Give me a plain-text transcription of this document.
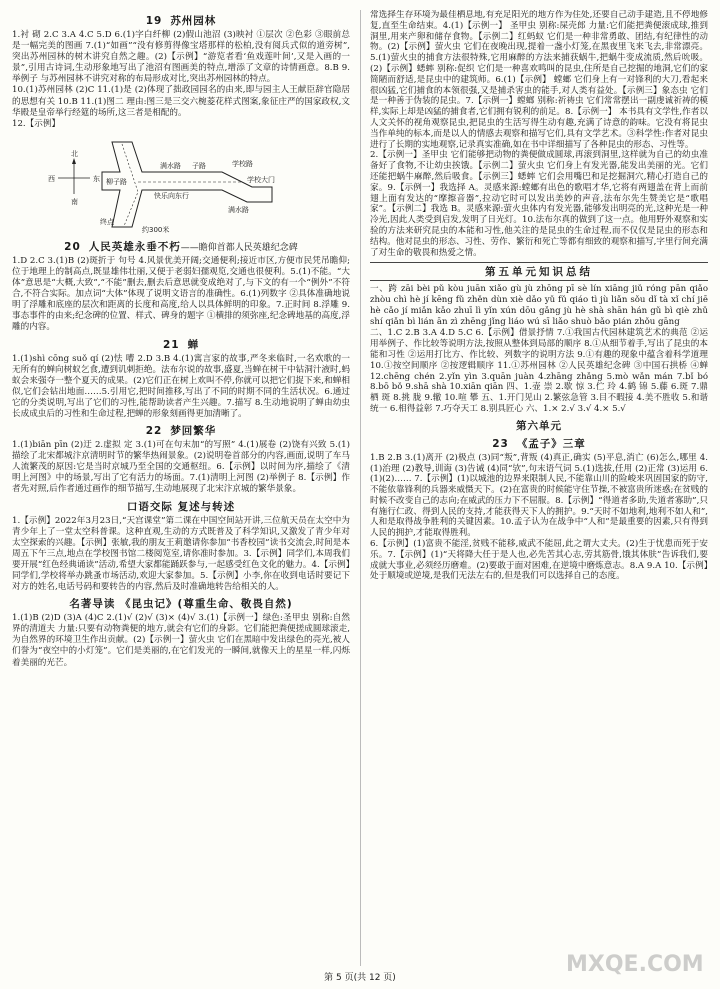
19 苏州园林

1.衬 砌 2.C 3.A 4.C 5.D 6.(1)字白纤柳 (2)假山池沼 (3)映衬 ①层次 ②色彩 ③眼前总是一幅完美的图画 7.(1)“如画”“没有修剪得像宝塔那样的松柏,没有阅兵式似的道旁树”,突出苏州园林的树木讲究自然之趣。(2)【示例】“游览者看‘鱼戏莲叶间’,又是入画的一景”,引用古诗词,生动形象地写出了池沼有图画美的特点,增添了文章的诗情画意。8.B 9.举例子 与苏州园林不讲究对称的布局形成对比,突出苏州园林的特点。

10.(1)苏州园林 (2)C 11.(1)是 (2)体现了拙政园园名的由来,即与园主人王献臣辞官隐居的思想有关 10.B 11.(1)图二 理由:图三是三交六椀菱花样式图案,象征庄严的国家政权,文华殿是皇帝举行经筵的场所,这三者是相配的。

12.【示例】

北
西	东
南
柳子路
满水路 子路
快乐向东行
终点
学校大门
满水路
约300米
学校路
20 人民英雄永垂不朽——瞻仰首都人民英雄纪念碑

1.D 2.C 3.(1)B (2)斑折于 句号 4.风景优美开阔;交通便利;接近市区,方便市民凭吊瞻仰;位于地理上的制高点,既显雄伟壮丽,又便于老弱妇孺观览,交通也很便利。5.(1)不能。“大体”意思是“大概,大致”,“不能”删去,删去后意思就变成绝对了,与下文的有一个“例外”不符合,不符合实际。加点词“大体”体现了说明文语言的准确性。6.(1)列数字 ②具体准确地说明了浮雕和底座的层次和距离的长度和高度,给人以具体鲜明的印象。7.正时间 8.浮雕 9.事态事件的由来;纪念碑的位置、样式、碑身的题字 ①横排的须弥座,纪念碑地基的高度,浮雕的内容。

21 蝉

1.(1)shì cōng suǒ qí (2)怯 嘈 2.D 3.B 4.(1)寓言家的故事,严冬来临时,一名欢歌的一无所有的蝉向树蚁乞食,遭到讥刺拒绝。法布尔说的故事,盛夏,当蝉在树干中钻洞汁液时,蚂蚁会来强夺一整个夏天的成果。(2)它们正在树上欢叫不停,你就可以把它们捉下来,和蝉相似,它们会钻出地面……5.引用它,把时间推移,写出了不同的时期不同的生活状况。6.通过它的分类说明,写出了它们的习性,能帮助读者产生兴趣。7.描写 8.生动地说明了蝉由幼虫长成成虫后的习性和生命过程,把蝉的形象刻画得更加清晰了。

22 梦回繁华

1.(1)biān pīn (2)迂 2.虚拟 定 3.(1)可在句末加“的写照” 4.(1)展卷 (2)饶有兴致 5.(1)描绘了北宋都城汴京清明时节的繁华热闹景象。(2)说明卷首部分的内容,画面,说明了车马人流繁茂的原因:它是当时京城乃至全国的交通枢纽。6.【示例】以时间为序,描绘了《清明上河图》中的场景,写出了它有活力的场面。7.(1)清明上河图 (2)举例子 8.【示例】作者先对照,后作者通过画作的细节描写,生动地展现了北宋汴京城的繁华景象。

口语交际 复述与转述

1.【示例】2022年3月23日,“天宫课堂”第二课在中国空间站开讲,三位航天员在太空中为青少年上了一堂太空科普课。这种直观,生动的方式既普及了科学知识,又激发了青少年对太空探索的兴趣。【示例】张敏,我的朋友王莉邀请你参加“书香校园”读书交流会,时间是本周五下午三点,地点在学校图书馆二楼阅览室,请你准时参加。3.【示例】同学们,本周我们要开展“红色经典诵读”活动,希望大家都能踊跃参与,一起感受红色文化的魅力。4.【示例】同学们,学校将举办跳蚤市场活动,欢迎大家参加。5.【示例】小李,你在收到电话时要记下对方的姓名,电话号码和要转告的内容,然后及时准确地转告给相关的人。

名著导读 《昆虫记》(尊重生命、敬畏自然)

1.(1)B (2)D (3)A (4)C 2.(1)√ (2)√ (3)× (4)√ 3.(1)【示例一】绿色:圣甲虫 别称:自然界的清道夫 力量:只要有动物粪便的地方,就会有它们的身影。它们能把粪便搓成圆球滚走,为自然界的环境卫生作出贡献。(2)【示例一】萤火虫 它们在黑暗中发出绿色的亮光,被人们誉为“夜空中的小灯笼”。它们是美丽的,在它们发光的一瞬间,就像天上的星星一样,闪烁着美丽的光芒。

常选择生存环境为最佳栖息地,有充足阳光的地方作为住处,还要自己动手建造,且不停地修复,直至生命结束。4.(1)【示例一】 圣甲虫 别称:屎壳郎 力量:它们能把粪便滚成球,推到洞里,用来产卵和储存食物。【示例二】红蚂蚁 它们是一种非常勇敢、团结,有纪律性的动物。(2)【示例】萤火虫 它们在夜晚出现,提着一盏小灯笼,在黑夜里飞来飞去,非常漂亮。5.(1)萤火虫的捕食方法很特殊,它用麻醉的方法来捕获蜗牛,把蜗牛变成流质,然后吮吸。(2)【示例】蟋蟀 别称:促织 它们是一种喜欢鸣叫的昆虫,住所是自己挖掘的地洞,它们的家简陋而舒适,是昆虫中的建筑师。6.(1)【示例】 螳螂 它们身上有一对锋利的大刀,看起来很凶猛,它们捕食的本领很强,又是捕杀害虫的能手,对人类有益处。【示例三】象态虫 它们是一种善于伪装的昆虫。7.【示例一】螳螂 别称:祈祷虫 它们常常摆出一副虔诚祈祷的模样,实际上却是凶猛的捕食者,它们拥有锐利的前足。8.【示例一】 本书具有文学性,作者以人文关怀的视角观察昆虫,把昆虫的生活写得生动有趣,充满了诗意的韵味。它没有将昆虫当作单纯的标本,而是以人的情感去观察和描写它们,具有文学艺术。③科学性:作者对昆虫进行了长期的实地观察,记录真实准确,如在书中详细描写了各种昆虫的形态、习性等。

2.【示例一】圣甲虫 它们能够把动物的粪便做成圆球,再滚到洞里,这样就为自己的幼虫准备好了食物,不让幼虫挨饿。【示例二】萤火虫 它们身上有发光器,能发出美丽的光。它们还能把蜗牛麻醉,然后吸食。【示例三】蟋蟀 它们会用嘴巴和足挖掘洞穴,精心打造自己的家。9.【示例一】我选择 A。灵感来源:螳螂有出色的歌唱才华,它将有两翅盖在背上而前翅上面有发达的“摩擦音器”,拉动它时可以发出美妙的声音,法布尔先生赞美它是“歌唱家”。【示例二】我选 B。灵感来源:萤火虫体内有发光器,能够发出明亮的光,这种光是一种冷光,因此人类受到启发,发明了日光灯。10.法布尔真的做到了这一点。他用野外观察和实验的方法来研究昆虫的本能和习性,他关注的是昆虫的生命过程,而不仅仅是昆虫的形态和结构。他对昆虫的形态、习性、劳作、繁衍和死亡等都有细致的观察和描写,字里行间充满了对生命的敬畏和热爱之情。

第五单元知识总结

一、跨 zāi bèi pǔ kòu juān xiǎo gù jù zhōng pī sè lín xiāng jiǔ róng pān qiǎo zhòu chì hè jí kēng fǔ zhěn dùn xiè dǎo yǔ fǔ qiáo tì jù liǎn sǒu dǐ tà xǐ chí jiē hè cǎo jí miǎn kǎo zhuī lì yǐn xún dōu gǎng jù hè shà shān hán gǔ bì qiè zhǔ shí qiǎn bì lián ān zì zhēng jǐng liáo wú sī liǎo shuò bǎo pián zhǒu gāng

二、1.C 2.B 3.A 4.D 5.C 6.【示例】借景抒情 7.①我国古代园林建筑艺术的典范 ②运用举例子、作比较等说明方法,按照从整体到局部的顺序 8.①从细节着手,写出了昆虫的本能和习性 ②运用打比方、作比较、列数字的说明方法 9.①有趣的现象中蕴含着科学道理 10.①按空间顺序 ②按逻辑顺序 11.①苏州园林 ②人民英雄纪念碑 ③中国石拱桥 ④蝉 12.chēng chén 2.yǐn yìn 3.quān juàn 4.zhāng zhǎng 5.mò wǎn mán 7.bǐ bó 8.bō bǒ 9.shā shà 10.xiān qiān 四、1.壶 崇 2.歇 惊 3.伫 玲 4.鹤 锦 5.藤 6.斑 7.鼎 栖 斑 8.挑 胧 9.辙 10.喧 攀 五、1.开门见山 2.繁弦急管 3.目不暇接 4.美不胜收 5.和谐统一 6.相得益彰 7.巧夺天工 8.别具匠心 六、1.× 2.√ 3.√ 4.× 5.√

第六单元
23 《孟子》三章

1.B 2.B 3.(1)离开 (2)极点 (3)同“叛”,背叛 (4)真正,确实 (5)平息,消亡 (6)怎么,哪里 4.(1)治理 (2)教导,训诲 (3)告诫 (4)同“欤”,句末语气词 5.(1)选拔,任用 (2)正常 (3)运用 6.(1)(2)…… 7.【示例】(1)以城池的边界来限制人民,不能靠山川的险峻来巩固国家的防守,不能依靠锋利的兵器来威慑天下。(2)在富贵的时候能守住节操,不被富贵所迷惑;在贫贱的时候不改变自己的志向;在威武的压力下不屈服。8.【示例】“得道者多助,失道者寡助”,只有施行仁政、得到人民的支持,才能获得天下人的拥护。9.“天时不如地利,地利不如人和”,人和是取得战争胜利的关键因素。10.孟子认为在战争中“人和”是最重要的因素,只有得到人民的拥护,才能取得胜利。

6.【示例】(1)富贵不能淫,贫贱不能移,威武不能屈,此之谓大丈夫。(2)生于忧患而死于安乐。7.【示例】(1)“天将降大任于是人也,必先苦其心志,劳其筋骨,饿其体肤”告诉我们,要成就大事业,必须经历磨难。(2)要敢于面对困难,在逆境中磨炼意志。8.A 9.A 10.【示例】处于顺境或逆境,是我们无法左右的,但是我们可以选择自己的态度。

第 5 页(共 12 页)
MXQE.COM
